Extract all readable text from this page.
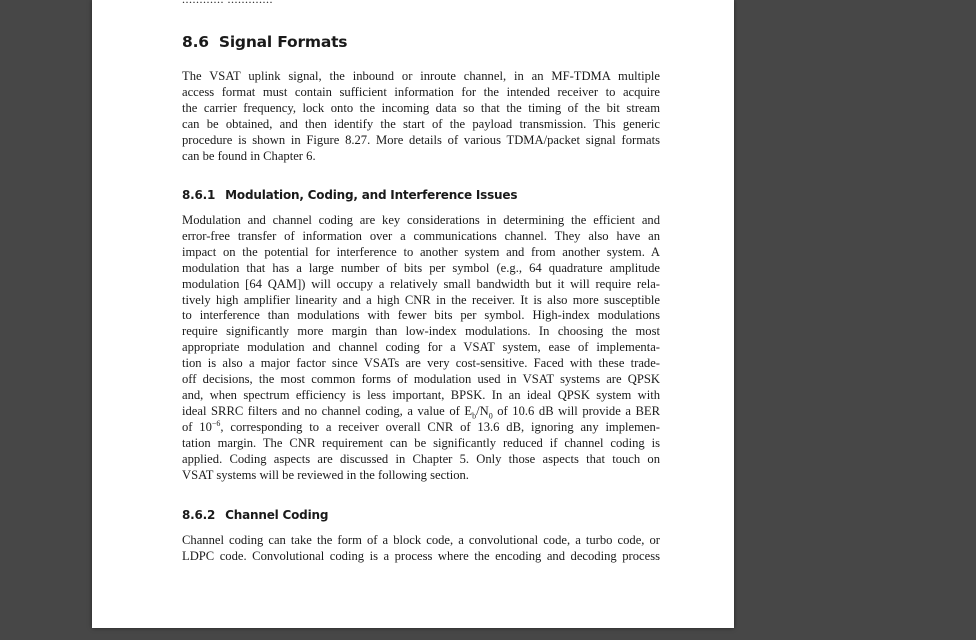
8.6 Signal Formats

The VSAT uplink signal, the inbound or inroute channel, in an MF-TDMA multiple
access format must contain sufficient information for the intended receiver to acquire
the carrier frequency, lock onto the incoming data so that the timing of the bit stream
can be obtained, and then identify the start of the payload transmission. This generic
procedure is shown in Figure 8.27. More details of various TDMA/packet signal formats
can be found in Chapter 6.

8.6.1 Modulation, Coding, and Interference Issues

Modulation and channel coding are key considerations in determining the efficient and
error-free transfer of information over a communications channel. They also have an
impact on the potential for interference to another system and from another system. A
modulation that has a large number of bits per symbol (e.g., 64 quadrature amplitude
modulation [64 QAM]) will occupy a relatively small bandwidth but it will require rela-
tively high amplifier linearity and a high CNR in the receiver. It is also more susceptible
to interference than modulations with fewer bits per symbol. High-index modulations
require significantly more margin than low-index modulations. In choosing the most
appropriate modulation and channel coding for a VSAT system, ease of implementa-
tion is also a major factor since VSATs are very cost-sensitive. Faced with these trade-
off decisions, the most common forms of modulation used in VSAT systems are QPSK
and, when spectrum efficiency is less important, BPSK. In an ideal QPSK system with
ideal SRRC filters and no channel coding, a value of $E_b/N_0$ of 10.6 dB will provide a BER
of $10^{-6}$, corresponding to a receiver overall CNR of 13.6 dB, ignoring any implemen-
tation margin. The CNR requirement can be significantly reduced if channel coding is
applied. Coding aspects are discussed in Chapter 5. Only those aspects that touch on
VSAT systems will be reviewed in the following section.

8.6.2 Channel Coding

Channel coding can take the form of a block code, a convolutional code, a turbo code, or
LDPC code. Convolutional coding is a process where the encoding and decoding process
